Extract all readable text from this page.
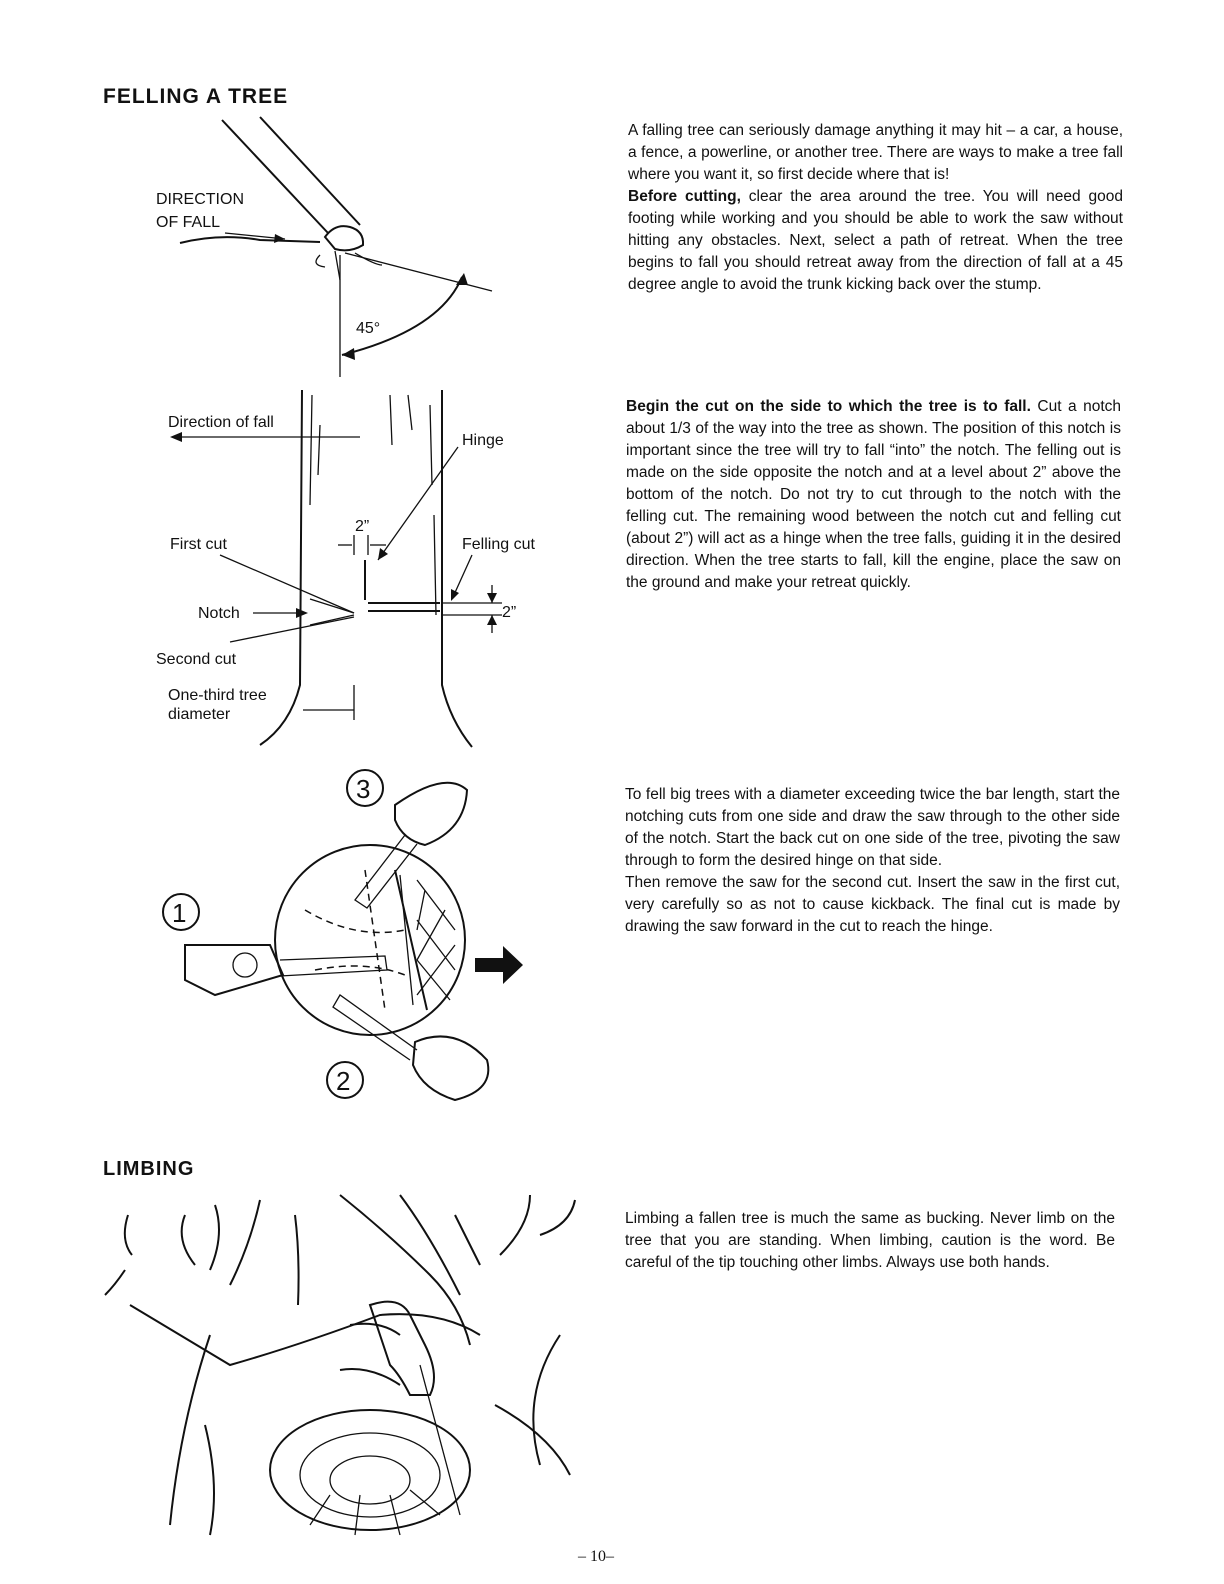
FELLING A TREE
LIMBING
A falling tree can seriously damage anything it may hit – a car, a house, a fence, a powerline, or another tree. There are ways to make a tree fall where you want it, so first decide where that is!
Before cutting, clear the area around the tree. You will need good footing while working and you should be able to work the saw without hitting any obstacles. Next, select a path of retreat. When the tree begins to fall you should retreat away from the direction of fall at a 45 degree angle to avoid the trunk kicking back over the stump.
Begin the cut on the side to which the tree is to fall. Cut a notch about 1/3 of the way into the tree as shown. The position of this notch is important since the tree will try to fall “into” the notch. The felling out is made on the side opposite the notch and at a level about 2” above the bottom of the notch. Do not try to cut through to the notch with the felling cut. The remaining wood between the notch cut and felling cut (about 2”) will act as a hinge when the tree falls, guiding it in the desired direction. When the tree starts to fall, kill the engine, place the saw on the ground and make your retreat quickly.
To fell big trees with a diameter exceeding twice the bar length, start the notching cuts from one side and draw the saw through to the other side of the notch. Start the back cut on one side of the tree, pivoting the saw through to form the desired hinge on that side.
Then remove the saw for the second cut. Insert the saw in the first cut, very carefully so as not to cause kickback. The final cut is made by drawing the saw forward in the cut to reach the hinge.
Limbing a fallen tree is much the same as bucking. Never limb on the tree that you are standing. When limbing, caution is the word. Be careful of the tip touching other limbs. Always use both hands.
DIRECTION
OF FALL
45°
Direction of fall
Hinge
2”
First cut
Notch
Second cut
Felling cut
2”
One-third tree
diameter
3
1
2
– 10–
